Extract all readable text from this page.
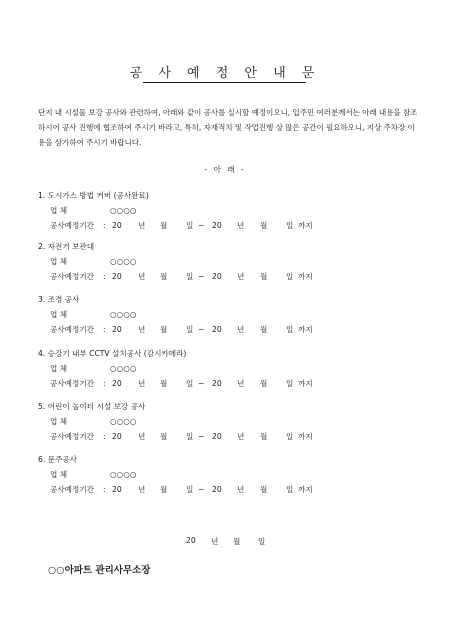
공 사 예 정 안 내 문

단지 내 시설물 보강 공사와 관련하여, 아래와 같이 공사를 실시할 예정이오니, 입주민 여러분께서는 아래 내용을 참조하시어 공사 진행에 협조하여 주시기 바라고, 특히, 자재적치 및 작업진행 상 많은 공간이 필요하오니, 지상 주차장 이용을 삼가하여 주시기 바랍니다.

- 아 래 -
1. 도시가스 방법 커버 (공사완료)
업 체	○○○○
공사예정기간 : 20 년 월 일 ~ 20 년 월 일 까지
2. 자전거 보관대
업 체	○○○○
공사예정기간 : 20 년 월 일 ~ 20 년 월 일 까지
3. 조경 공사
업 체	○○○○
공사예정기간 : 20 년 월 일 ~ 20 년 월 일 까지
4. 승강기 내부 CCTV 설치공사 (감시카메라)
업 체	○○○○
공사예정기간 : 20 년 월 일 ~ 20 년 월 일 까지
5. 어린이 놀이터 시설 보강 공사
업 체	○○○○
공사예정기간 : 20 년 월 일 ~ 20 년 월 일 까지
6. 문주공사
업 체	○○○○
공사예정기간 : 20 년 월 일 ~ 20 년 월 일 까지
20 년 월 일
○○아파트 관리사무소장
